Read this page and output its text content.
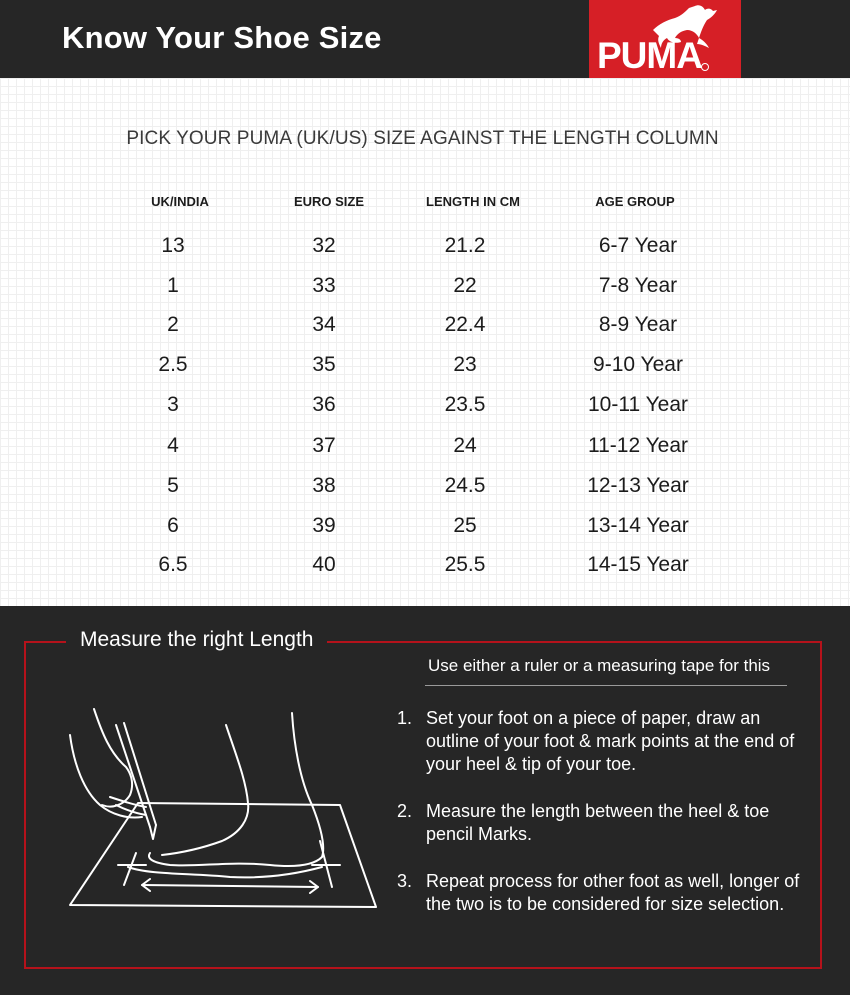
Know Your Shoe Size	PUMA
PICK YOUR PUMA (UK/US) SIZE AGAINST THE LENGTH COLUMN
UK/INDIA	EURO SIZE	LENGTH IN CM	AGE GROUP
13	32	21.2	6-7 Year
1	33	22	7-8 Year
2	34	22.4	8-9 Year
2.5	35	23	9-10 Year
3	36	23.5	10-11 Year
4	37	24	11-12 Year
5	38	24.5	12-13 Year
6	39	25	13-14 Year
6.5	40	25.5	14-15 Year
Measure the right Length
Use either a ruler or a measuring tape for this
1. Set your foot on a piece of paper, draw an outline of your foot & mark points at the end of your heel & tip of your toe.
2. Measure the length between the heel & toe pencil Marks.
3. Repeat process for other foot as well, longer of the two is to be considered for size selection.
